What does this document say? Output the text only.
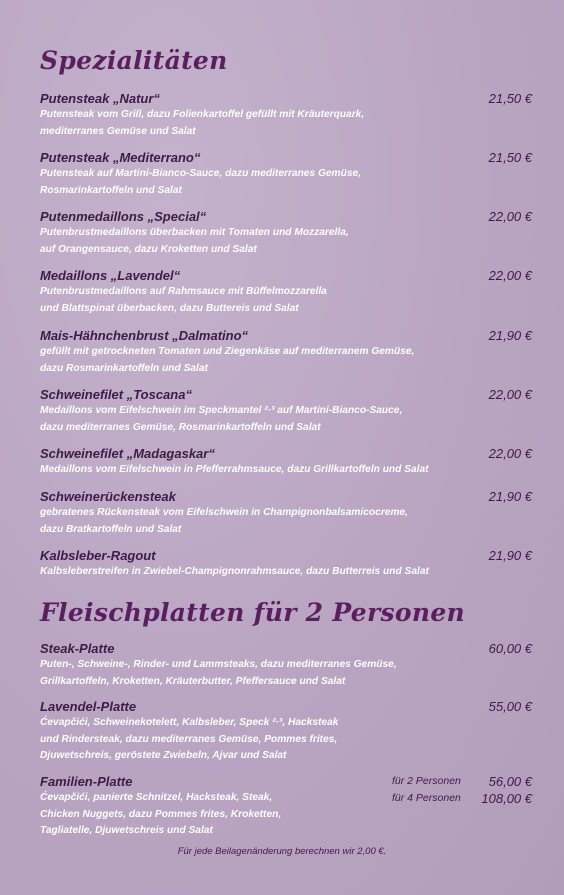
Spezialitäten
Putensteak „Natur“	21,50 €
Putensteak vom Grill, dazu Folienkartoffel gefüllt mit Kräuterquark,
mediterranes Gemüse und Salat
Putensteak „Mediterrano“	21,50 €
Putensteak auf Martini-Bianco-Sauce, dazu mediterranes Gemüse,
Rosmarinkartoffeln und Salat
Putenmedaillons „Special“	22,00 €
Putenbrustmedaillons überbacken mit Tomaten und Mozzarella,
auf Orangensauce, dazu Kroketten und Salat
Medaillons „Lavendel“	22,00 €
Putenbrustmedaillons auf Rahmsauce mit Büffelmozzarella
und Blattspinat überbacken, dazu Buttereis und Salat
Mais-Hähnchenbrust „Dalmatino“	21,90 €
gefüllt mit getrockneten Tomaten und Ziegenkäse auf mediterranem Gemüse,
dazu Rosmarinkartoffeln und Salat
Schweinefilet „Toscana“	22,00 €
Medaillons vom Eifelschwein im Speckmantel ²·³ auf Martini-Bianco-Sauce,
dazu mediterranes Gemüse, Rosmarinkartoffeln und Salat
Schweinefilet „Madagaskar“	22,00 €
Medaillons vom Eifelschwein in Pfefferrahmsauce, dazu Grillkartoffeln und Salat
Schweinerückensteak	21,90 €
gebratenes Rückensteak vom Eifelschwein in Champignonbalsamicocreme,
dazu Bratkartoffeln und Salat
Kalbsleber-Ragout	21,90 €
Kalbsleberstreifen in Zwiebel-Champignonrahmsauce, dazu Butterreis und Salat
Fleischplatten für 2 Personen
Steak-Platte	60,00 €
Puten-, Schweine-, Rinder- und Lammsteaks, dazu mediterranes Gemüse,
Grillkartoffeln, Kroketten, Kräuterbutter, Pfeffersauce und Salat
Lavendel-Platte	55,00 €
Ćevapčići, Schweinekotelett, Kalbsleber, Speck ²·³, Hacksteak
und Rindersteak, dazu mediterranes Gemüse, Pommes frites,
Djuwetschreis, geröstete Zwiebeln, Ajvar und Salat
Familien-Platte	für 2 Personen 56,00 €
für 4 Personen 108,00 €
Ćevapčići, panierte Schnitzel, Hacksteak, Steak,
Chicken Nuggets, dazu Pommes frites, Kroketten,
Tagliatelle, Djuwetschreis und Salat
Für jede Beilagenänderung berechnen wir 2,00 €.
